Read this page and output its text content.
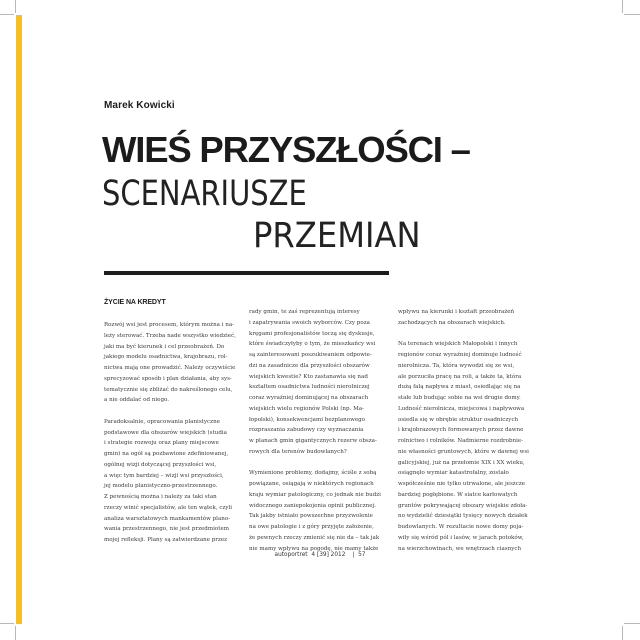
Marek Kowicki
WIEŚ PRZYSZŁOŚCI –
SCENARIUSZE
PRZEMIAN
ŻYCIE NA KREDYT

Rozwój wsi jest procesem, którym można i na-
leży sterować. Trzeba nade wszystko wiedzieć,
jaki ma być kierunek i cel przeobrażeń. Do
jakiego modelu osadnictwa, krajobrazu, rol-
nictwa mają one prowadzić. Należy oczywiście
sprecyzować sposób i plan działania, aby sys-
tematycznie się zbliżać do nakreślonego celu,
a nie oddalać od niego.

Paradoksalnie, opracowania planistyczne
podstawowe dla obszarów wiejskich (studia
i strategie rozwoju oraz plany miejscowe
gmin) na ogół są pozbawione zdefiniowanej,
ogólnej wizji dotyczącej przyszłości wsi,
a więc tym bardziej – wizji wsi przyszłości,
jej modelu planistyczno-przestrzennego.
Z pewnością można i należy za taki stan
rzeczy winić specjalistów, ale ten wątek, czyli
analiza warsztatowych mankamentów plano-
wania przestrzennego, nie jest przedmiotem
mojej refleksji. Plany są zatwierdzane przez

rady gmin, te zaś reprezentują interesy
i zapatrywania swoich wyborców. Czy poza
kręgami profesjonalistów toczą się dyskusje,
które świadczyłyby o tym, że mieszkańcy wsi
są zainteresowani poszukiwaniem odpowie-
dzi na zasadnicze dla przyszłości obszarów
wiejskich kwestie? Kto zastanawia się nad
kształtem osadnictwa ludności nierolniczej
coraz wyraźniej dominującej na obszarach
wiejskich wielu regionów Polski (np. Ma-
łopolski), konsekwencjami bezplanowego
rozpraszania zabudowy czy wyznaczania
w planach gmin gigantycznych rezerw obsza-
rowych dla terenów budowlanych?

Wymienione problemy, dodajmy, ściśle z sobą
powiązane, osiągają w niektórych regionach
kraju wymiar patologiczny, co jednak nie budzi
widocznego zaniepokojenia opinii publicznej.
Tak jakby istniało powszechne przyzwolenie
na owe patologie i z góry przyjęte założenie,
że pewnych rzeczy zmienić się nie da – tak jak
nie mamy wpływu na pogodę, nie mamy także

wpływu na kierunki i kształt przeobrażeń
zachodzących na obszarach wiejskich.

Na terenach wiejskich Małopolski i innych
regionów coraz wyraźniej dominuje ludność
nierolnicza. Ta, która wywodzi się ze wsi,
ale porzuciła pracę na roli, a także ta, która
dużą falą napływa z miast, osiedlając się na
stałe lub budując sobie na wsi drugie domy.
Ludność nierolnicza, miejscowa i napływowa
osiedla się w obrębie struktur osadniczych
i krajobrazowych formowanych przez dawne
rolnictwo i rolników. Nadmierne rozdrobnie-
nie własności gruntowych, które w dawnej wsi
galicyjskiej, już na przełomie XIX i XX wieku,
osiągnęło wymiar katastrofalny, zostało
współcześnie nie tylko utrwalone, ale jeszcze
bardziej pogłębione. W siatce karłowatych
gruntów pokrywającej obszary wiejskie zdoła-
no wydzielić dziesiątki tysięcy nowych działek
budowlanych. W rezultacie nowe domy poja-
wiły się wśród pól i lasów, w jarach potoków,
na wierzchowinach, we wnętrzach ciasnych

autoportret 4 [39] 2012 | 57
